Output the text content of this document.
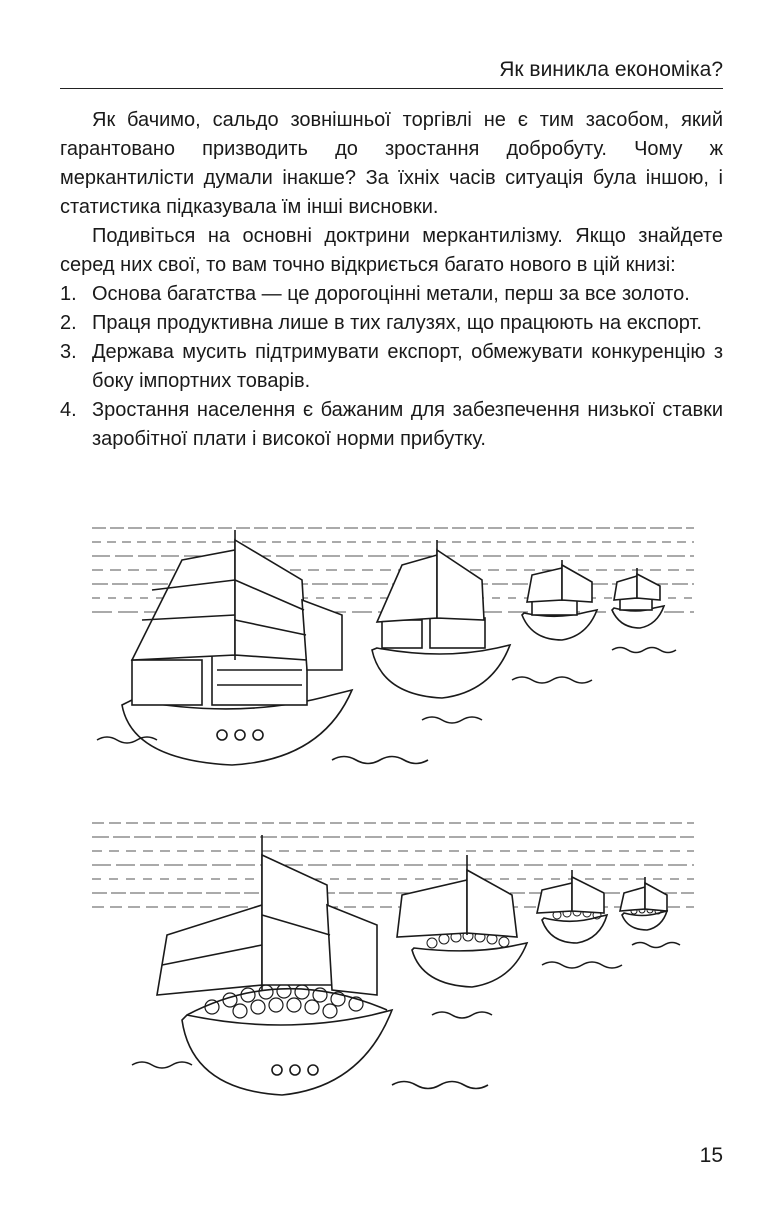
Як виникла економіка?

Як бачимо, сальдо зовнішньої торгівлі не є тим засобом, який гарантовано призводить до зростання добробуту. Чому ж меркантилісти думали інакше? За їхніх часів ситуація була іншою, і статистика підказувала їм інші висновки.

Подивіться на основні доктрини меркантилізму. Якщо знайдете серед них свої, то вам точно відкриється багато нового в цій книзі:

1. Основа багатства — це дорогоцінні метали, перш за все золото.
2. Праця продуктивна лише в тих галузях, що працюють на експорт.
3. Держава мусить підтримувати експорт, обмежувати конкуренцію з боку імпортних товарів.
4. Зростання населення є бажаним для забезпечення низької ставки заробітної плати і високої норми прибутку.
15
